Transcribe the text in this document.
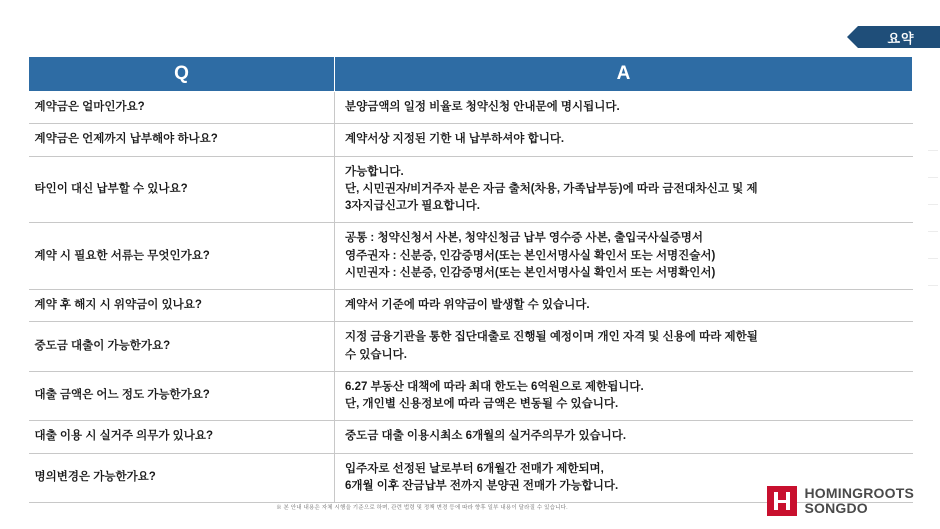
요약
Q	A
계약금은 얼마인가요?	분양금액의 일정 비율로 청약신청 안내문에 명시됩니다.

계약금은 언제까지 납부해야 하나요?	계약서상 지정된 기한 내 납부하셔야 합니다.

타인이 대신 납부할 수 있나요?	가능합니다.
단, 시민권자/비거주자 분은 자금 출처(차용, 가족납부등)에 따라 금전대차신고 및 제
3자지급신고가 필요합니다.

계약 시 필요한 서류는 무엇인가요?	공통 : 청약신청서 사본, 청약신청금 납부 영수증 사본, 출입국사실증명서
영주권자 : 신분증, 인감증명서(또는 본인서명사실 확인서 또는 서명진술서)
시민권자 : 신분증, 인감증명서(또는 본인서명사실 확인서 또는 서명확인서)

계약 후 해지 시 위약금이 있나요?	계약서 기준에 따라 위약금이 발생할 수 있습니다.

중도금 대출이 가능한가요?	지정 금융기관을 통한 집단대출로 진행될 예정이며 개인 자격 및 신용에 따라 제한될
수 있습니다.

대출 금액은 어느 정도 가능한가요?	6.27 부동산 대책에 따라 최대 한도는 6억원으로 제한됩니다.
단, 개인별 신용정보에 따라 금액은 변동될 수 있습니다.

대출 이용 시 실거주 의무가 있나요?	중도금 대출 이용시최소 6개월의 실거주의무가 있습니다.

명의변경은 가능한가요?	입주자로 선정된 날로부터 6개월간 전매가 제한되며,
6개월 이후 잔금납부 전까지 분양권 전매가 가능합니다.
※ 본 안내 내용은 자체 시행을 기준으로 하며, 관련 법령 및 정책 변경 등에 따라 향후 일부 내용이 달라질 수 있습니다.
HOMINGROOTS
SONGDO
